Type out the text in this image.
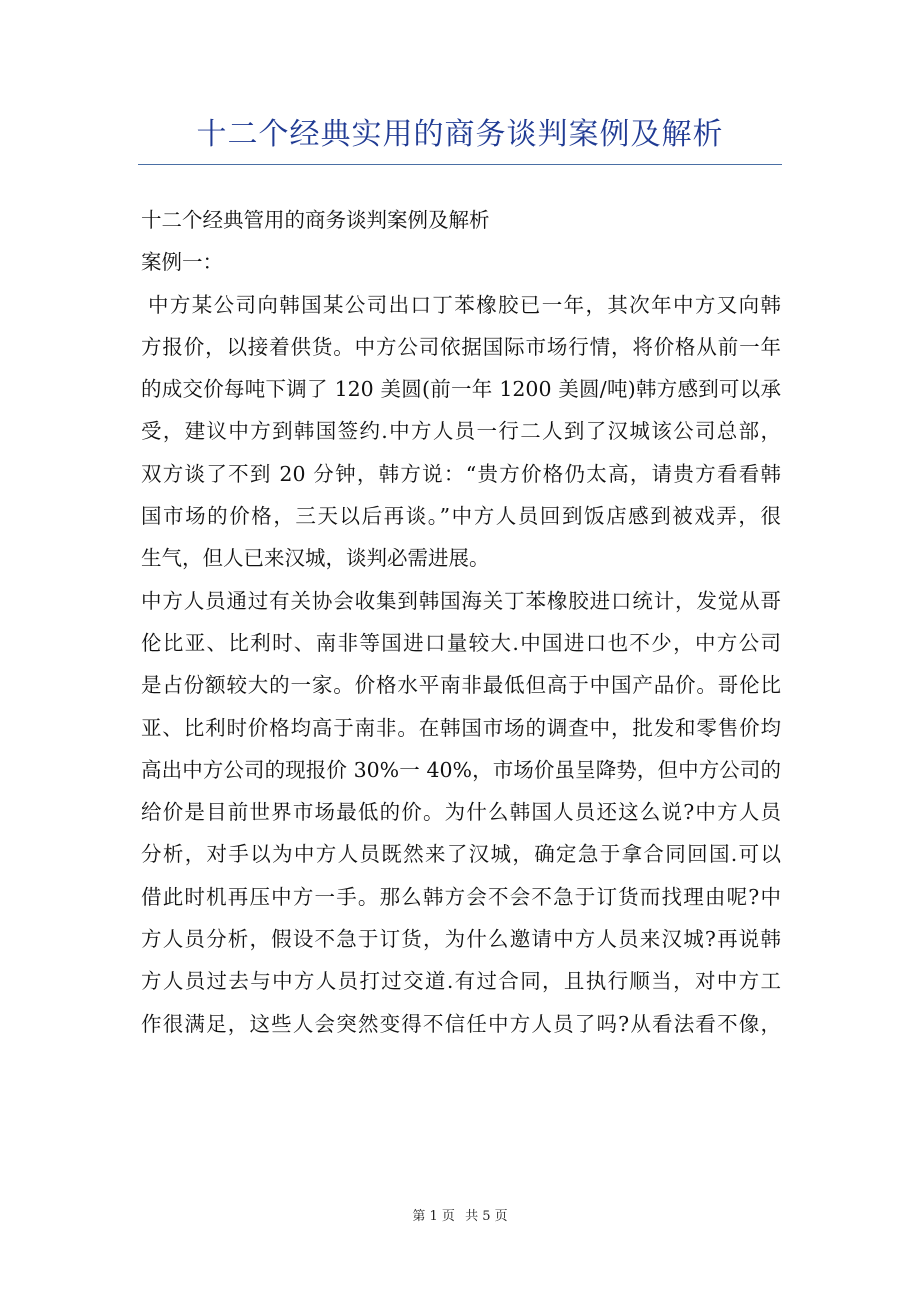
十二个经典实用的商务谈判案例及解析
十二个经典管用的商务谈判案例及解析
案例一：
中方某公司向韩国某公司出口丁苯橡胶已一年，其次年中方又向韩
方报价，以接着供货。中方公司依据国际市场行情，将价格从前一年
的成交价每吨下调了 120 美圆(前一年 1200 美圆/吨)韩方感到可以承
受，建议中方到韩国签约.中方人员一行二人到了汉城该公司总部，
双方谈了不到 20 分钟，韩方说：“贵方价格仍太高，请贵方看看韩
国市场的价格，三天以后再谈。”中方人员回到饭店感到被戏弄，很
生气，但人已来汉城，谈判必需进展。
中方人员通过有关协会收集到韩国海关丁苯橡胶进口统计，发觉从哥
伦比亚、比利时、南非等国进口量较大.中国进口也不少，中方公司
是占份额较大的一家。价格水平南非最低但高于中国产品价。哥伦比
亚、比利时价格均高于南非。在韩国市场的调查中，批发和零售价均
高出中方公司的现报价 30%一 40%，市场价虽呈降势，但中方公司的
给价是目前世界市场最低的价。为什么韩国人员还这么说?中方人员
分析，对手以为中方人员既然来了汉城，确定急于拿合同回国.可以
借此时机再压中方一手。那么韩方会不会不急于订货而找理由呢?中
方人员分析，假设不急于订货，为什么邀请中方人员来汉城?再说韩
方人员过去与中方人员打过交道.有过合同，且执行顺当，对中方工
作很满足，这些人会突然变得不信任中方人员了吗?从看法看不像，
第 1 页 共 5 页
